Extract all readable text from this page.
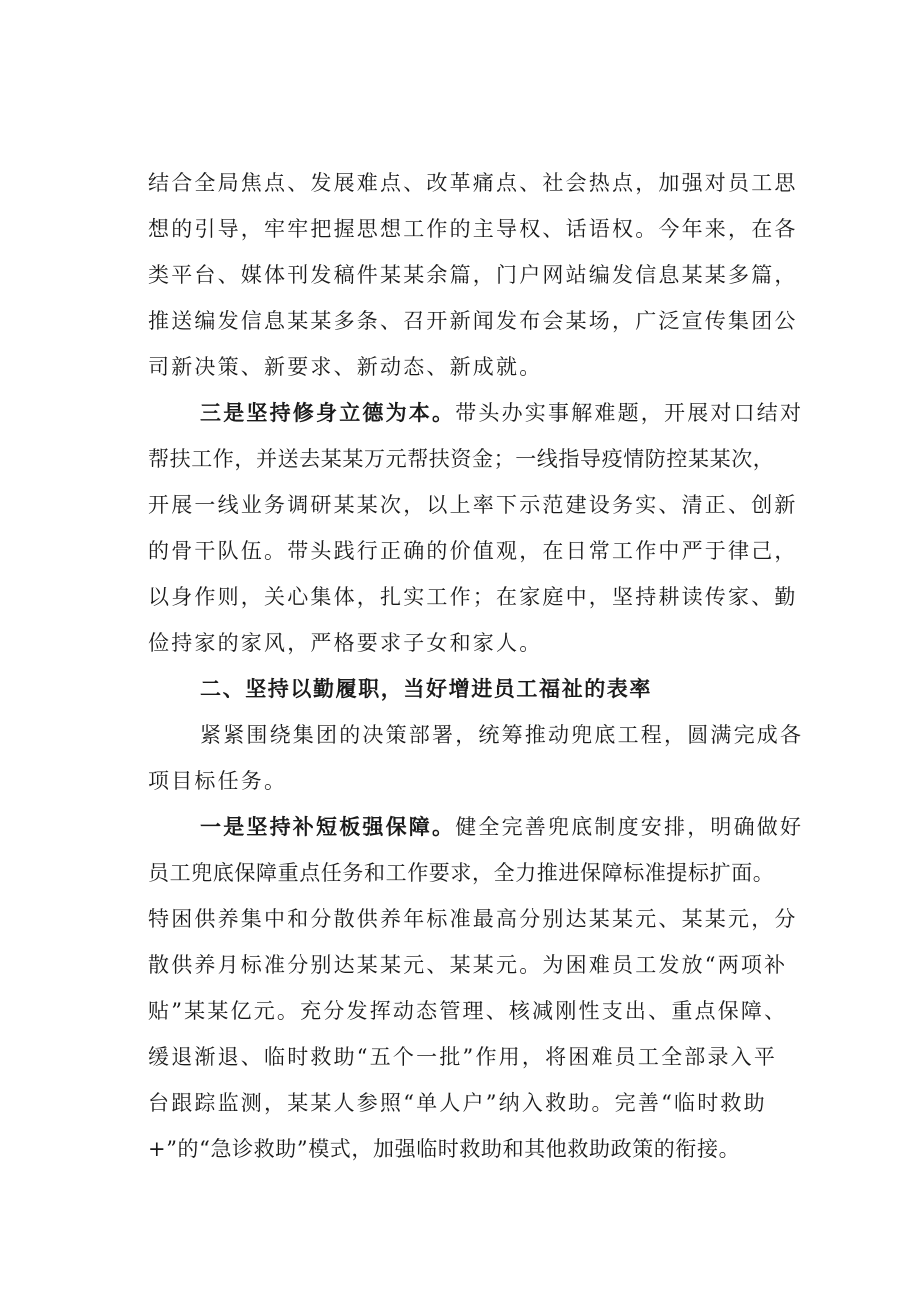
结合全局焦点、发展难点、改革痛点、社会热点，加强对员工思
想的引导，牢牢把握思想工作的主导权、话语权。今年来，在各
类平台、媒体刊发稿件某某余篇，门户网站编发信息某某多篇，
推送编发信息某某多条、召开新闻发布会某场，广泛宣传集团公
司新决策、新要求、新动态、新成就。
三是坚持修身立德为本。带头办实事解难题，开展对口结对
帮扶工作，并送去某某万元帮扶资金；一线指导疫情防控某某次，
开展一线业务调研某某次，以上率下示范建设务实、清正、创新
的骨干队伍。带头践行正确的价值观，在日常工作中严于律己，
以身作则，关心集体，扎实工作；在家庭中，坚持耕读传家、勤
俭持家的家风，严格要求子女和家人。
二、坚持以勤履职，当好增进员工福祉的表率
紧紧围绕集团的决策部署，统筹推动兜底工程，圆满完成各
项目标任务。
一是坚持补短板强保障。健全完善兜底制度安排，明确做好
员工兜底保障重点任务和工作要求，全力推进保障标准提标扩面。
特困供养集中和分散供养年标准最高分别达某某元、某某元，分
散供养月标准分别达某某元、某某元。为困难员工发放“两项补
贴”某某亿元。充分发挥动态管理、核减刚性支出、重点保障、
缓退渐退、临时救助“五个一批”作用，将困难员工全部录入平
台跟踪监测，某某人参照“单人户”纳入救助。完善“临时救助
+”的“急诊救助”模式，加强临时救助和其他救助政策的衔接。
